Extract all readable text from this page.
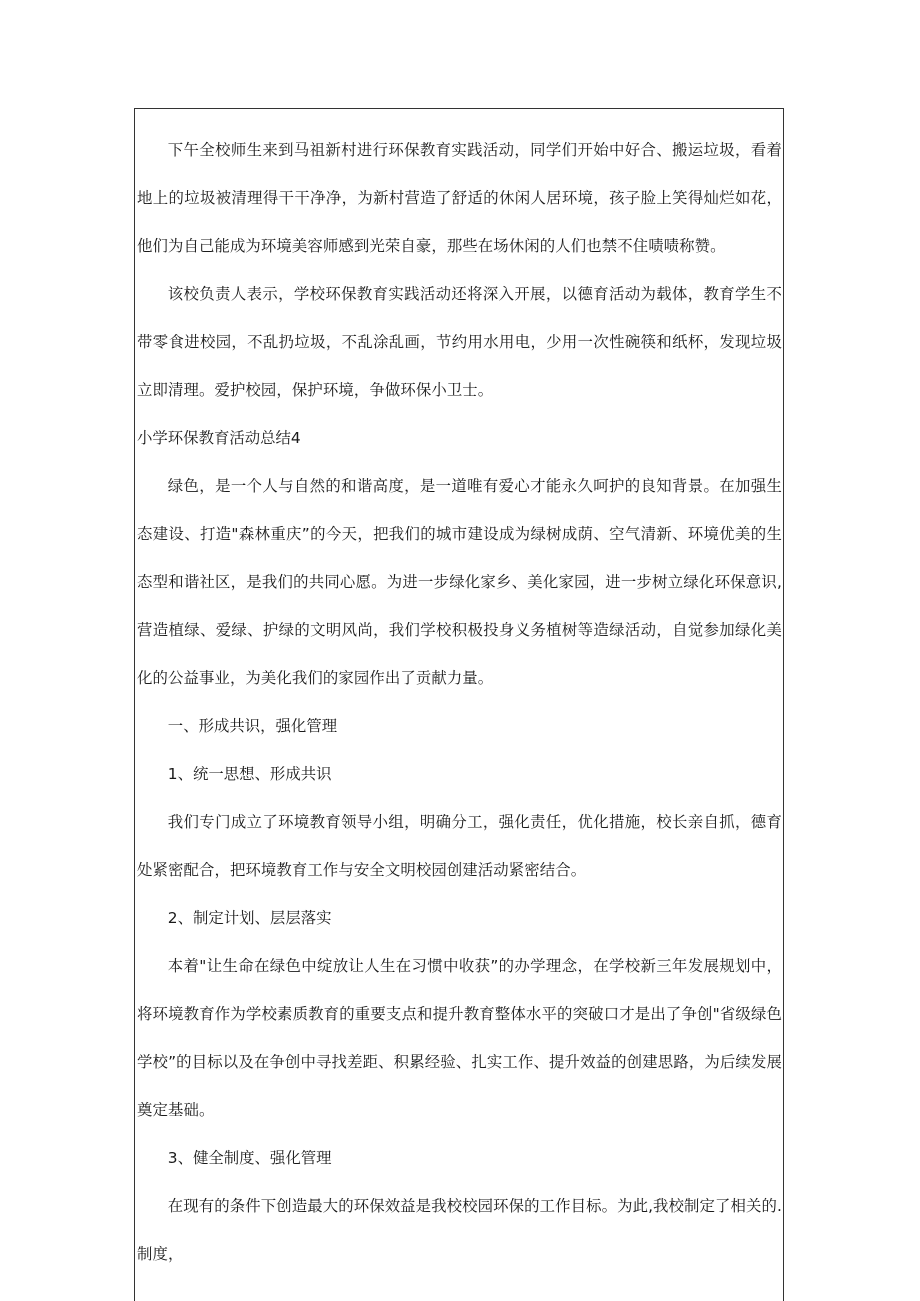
下午全校师生来到马祖新村进行环保教育实践活动，同学们开始中好合、搬运垃圾，看着地上的垃圾被清理得干干净净，为新村营造了舒适的休闲人居环境，孩子脸上笑得灿烂如花，他们为自己能成为环境美容师感到光荣自豪，那些在场休闲的人们也禁不住啧啧称赞。

该校负责人表示，学校环保教育实践活动还将深入开展，以德育活动为载体，教育学生不带零食进校园，不乱扔垃圾，不乱涂乱画，节约用水用电，少用一次性碗筷和纸杯，发现垃圾立即清理。爱护校园，保护环境，争做环保小卫士。

小学环保教育活动总结4

绿色，是一个人与自然的和谐高度，是一道唯有爱心才能永久呵护的良知背景。在加强生态建设、打造"森林重庆”的今天，把我们的城市建设成为绿树成荫、空气清新、环境优美的生态型和谐社区，是我们的共同心愿。为进一步绿化家乡、美化家园，进一步树立绿化环保意识,营造植绿、爱绿、护绿的文明风尚，我们学校积极投身义务植树等造绿活动，自觉参加绿化美化的公益事业，为美化我们的家园作出了贡献力量。

一、形成共识，强化管理

1、统一思想、形成共识

我们专门成立了环境教育领导小组，明确分工，强化责任，优化措施，校长亲自抓，德育处紧密配合，把环境教育工作与安全文明校园创建活动紧密结合。

2、制定计划、层层落实

本着"让生命在绿色中绽放让人生在习惯中收获”的办学理念，在学校新三年发展规划中，将环境教育作为学校素质教育的重要支点和提升教育整体水平的突破口才是出了争创"省级绿色学校”的目标以及在争创中寻找差距、积累经验、扎实工作、提升效益的创建思路，为后续发展奠定基础。

3、健全制度、强化管理

在现有的条件下创造最大的环保效益是我校校园环保的工作目标。为此,我校制定了相关的.制度，
